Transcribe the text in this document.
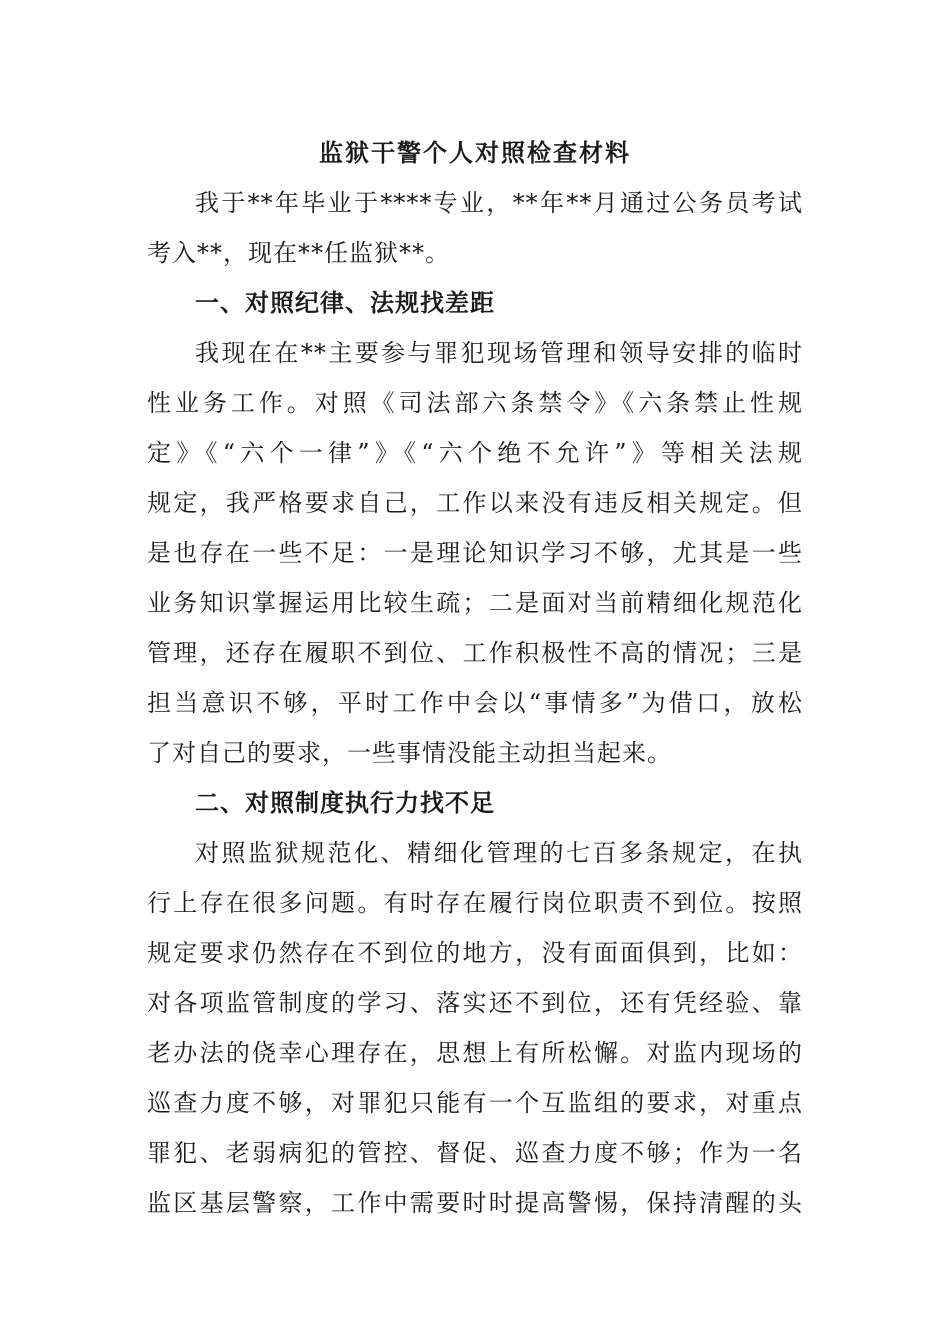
监狱干警个人对照检查材料
我于**年毕业于****专业，**年**月通过公务员考试
考入**，现在**任监狱**。
一、对照纪律、法规找差距
我现在在**主要参与罪犯现场管理和领导安排的临时
性业务工作。对照《司法部六条禁令》《六条禁止性规
定》《“六个一律”》《“六个绝不允许”》等相关法规
规定，我严格要求自己，工作以来没有违反相关规定。但
是也存在一些不足：一是理论知识学习不够，尤其是一些
业务知识掌握运用比较生疏；二是面对当前精细化规范化
管理，还存在履职不到位、工作积极性不高的情况；三是
担当意识不够，平时工作中会以“事情多”为借口，放松
了对自己的要求，一些事情没能主动担当起来。
二、对照制度执行力找不足
对照监狱规范化、精细化管理的七百多条规定，在执
行上存在很多问题。有时存在履行岗位职责不到位。按照
规定要求仍然存在不到位的地方，没有面面俱到，比如：
对各项监管制度的学习、落实还不到位，还有凭经验、靠
老办法的侥幸心理存在，思想上有所松懈。对监内现场的
巡查力度不够，对罪犯只能有一个互监组的要求，对重点
罪犯、老弱病犯的管控、督促、巡查力度不够；作为一名
监区基层警察，工作中需要时时提高警惕，保持清醒的头
